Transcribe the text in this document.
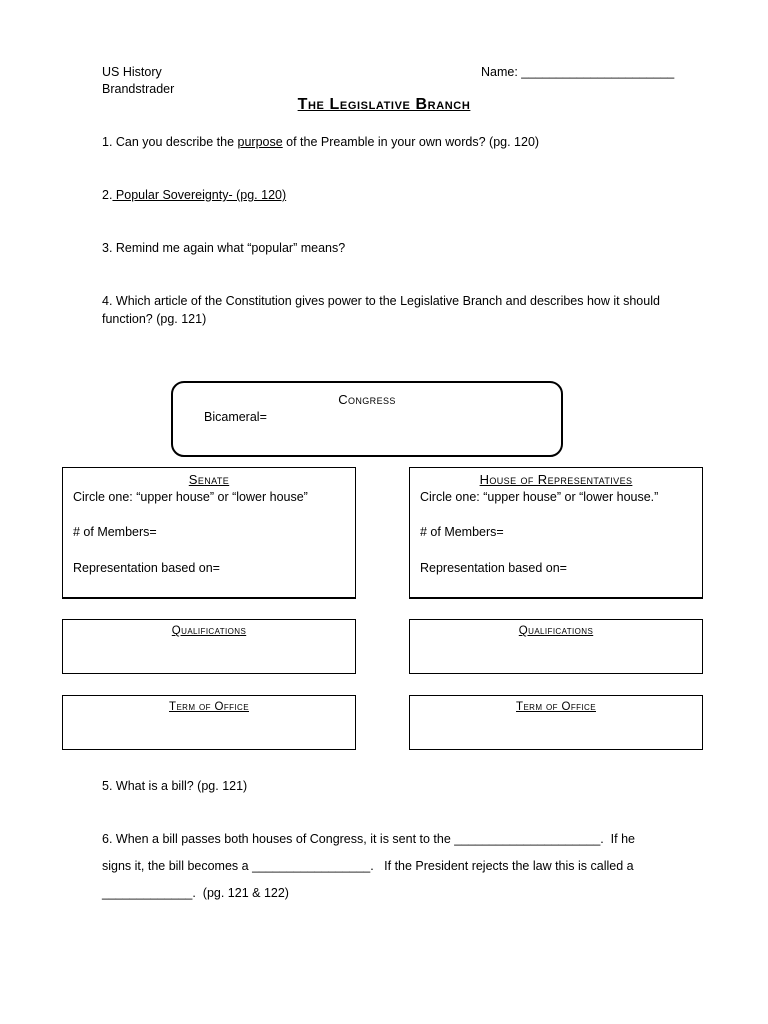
US History
Brandstrader
Name: ______________________
The Legislative Branch
1. Can you describe the purpose of the Preamble in your own words? (pg. 120)
2. Popular Sovereignty- (pg. 120)
3. Remind me again what “popular” means?
4. Which article of the Constitution gives power to the Legislative Branch and describes how it should function? (pg. 121)
Congress
Bicameral=
Senate
Circle one: “upper house” or “lower house”
# of Members=
Representation based on=
House of Representatives
Circle one: “upper house” or “lower house.”
# of Members=
Representation based on=
Qualifications	Qualifications
Term of Office	Term of Office
5. What is a bill? (pg. 121)
6. When a bill passes both houses of Congress, it is sent to the _____________________.  If he
signs it, the bill becomes a _________________.   If the President rejects the law this is called a
_____________.  (pg. 121 & 122)
